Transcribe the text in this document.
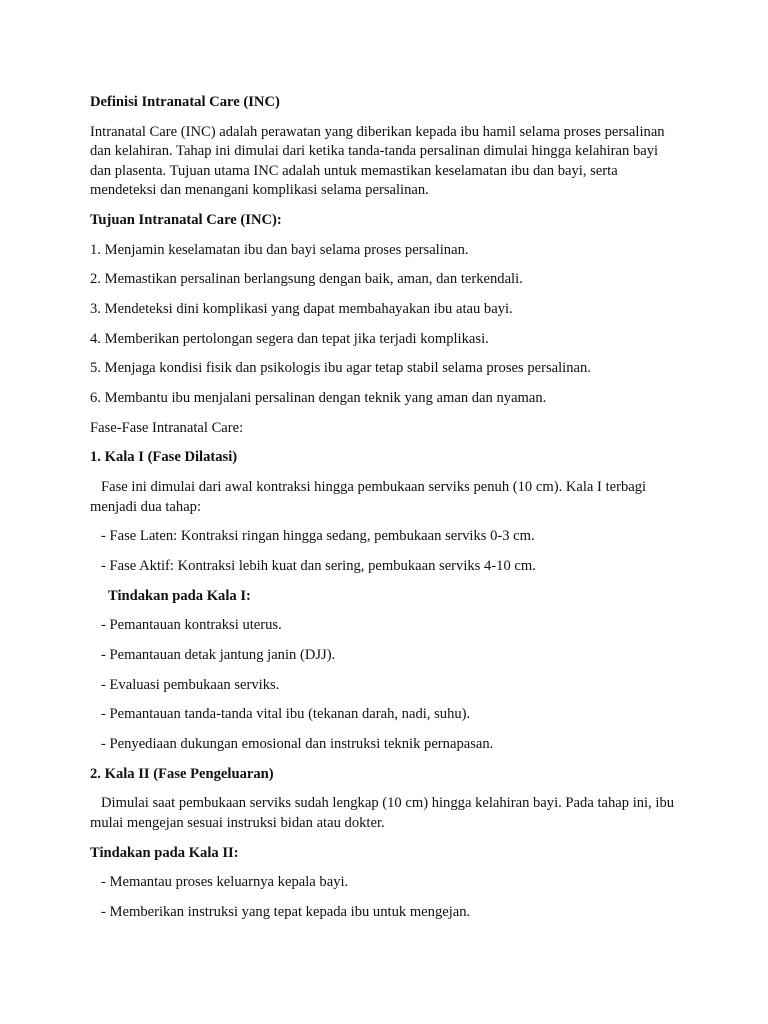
Definisi Intranatal Care (INC)

Intranatal Care (INC) adalah perawatan yang diberikan kepada ibu hamil selama proses persalinan dan kelahiran. Tahap ini dimulai dari ketika tanda-tanda persalinan dimulai hingga kelahiran bayi dan plasenta. Tujuan utama INC adalah untuk memastikan keselamatan ibu dan bayi, serta mendeteksi dan menangani komplikasi selama persalinan.

Tujuan Intranatal Care (INC):

1. Menjamin keselamatan ibu dan bayi selama proses persalinan.

2. Memastikan persalinan berlangsung dengan baik, aman, dan terkendali.

3. Mendeteksi dini komplikasi yang dapat membahayakan ibu atau bayi.

4. Memberikan pertolongan segera dan tepat jika terjadi komplikasi.

5. Menjaga kondisi fisik dan psikologis ibu agar tetap stabil selama proses persalinan.

6. Membantu ibu menjalani persalinan dengan teknik yang aman dan nyaman.

Fase-Fase Intranatal Care:

1. Kala I (Fase Dilatasi)

Fase ini dimulai dari awal kontraksi hingga pembukaan serviks penuh (10 cm). Kala I terbagi menjadi dua tahap:

- Fase Laten: Kontraksi ringan hingga sedang, pembukaan serviks 0-3 cm.

- Fase Aktif: Kontraksi lebih kuat dan sering, pembukaan serviks 4-10 cm.

Tindakan pada Kala I:

- Pemantauan kontraksi uterus.

- Pemantauan detak jantung janin (DJJ).

- Evaluasi pembukaan serviks.

- Pemantauan tanda-tanda vital ibu (tekanan darah, nadi, suhu).

- Penyediaan dukungan emosional dan instruksi teknik pernapasan.

2. Kala II (Fase Pengeluaran)

Dimulai saat pembukaan serviks sudah lengkap (10 cm) hingga kelahiran bayi. Pada tahap ini, ibu mulai mengejan sesuai instruksi bidan atau dokter.

Tindakan pada Kala II:

- Memantau proses keluarnya kepala bayi.

- Memberikan instruksi yang tepat kepada ibu untuk mengejan.
